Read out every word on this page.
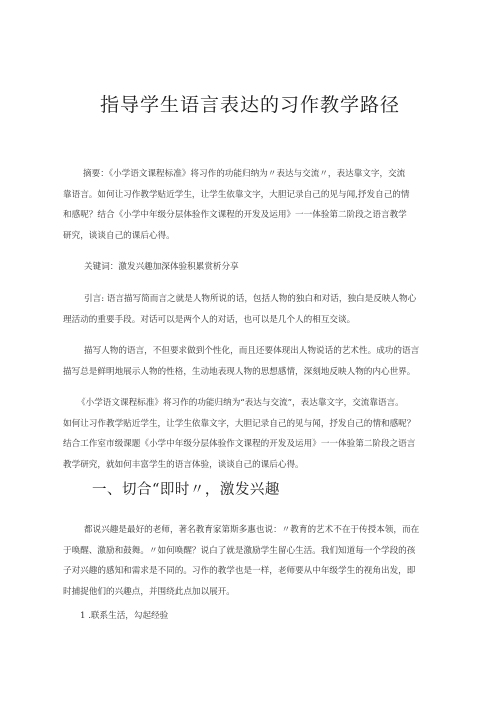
指导学生语言表达的习作教学路径
摘要：《小学语文课程标准》将习作的功能归纳为〃表达与交流〃，表达靠文字，交流
靠语言。如何让习作教学贴近学生，让学生依靠文字，大胆记录自己的见与闻,抒发自己的情
和感呢？结合《小学中年级分层体验作文课程的开发及运用》一一体验第二阶段之语言教学
研究，谈谈自己的课后心得。
关键词：激发兴趣加深体验积累赏析分享
引言: 语言描写简而言之就是人物所说的话，包括人物的独白和对话，独白是反映人物心
理活动的重要手段。对话可以是两个人的对话，也可以是几个人的相互交谈。
描写人物的语言，不但要求做到个性化，而且还要体现出人物说话的艺术性。成功的语言
描写总是鲜明地展示人物的性格，生动地表现人物的思想感情，深刻地反映人物的内心世界。
《小学语文课程标准》将习作的功能归纳为“表达与交流”，表达靠文字，交流靠语言。
如何让习作教学贴近学生，让学生依靠文字，大胆记录自己的见与闻，抒发自己的情和感呢？
结合工作室市级课题《小学中年级分层体验作文课程的开发及运用》一一体验第二阶段之语言
教学研究，就如何丰富学生的语言体验，谈谈自己的课后心得。
一、切合“即时〃，激发兴趣
都说兴趣是最好的老师，著名教育家第斯多惠也说：〃教育的艺术不在于传授本领，而在
于唤醒、激励和鼓舞。〃如何唤醒？说白了就是激励学生留心生活。我们知道每一个学段的孩
子对兴趣的感知和需求是不同的。习作的教学也是一样，老师要从中年级学生的视角出发，即
时捕捉他们的兴趣点，并围绕此点加以展开。
1 .联系生活，勾起经验
